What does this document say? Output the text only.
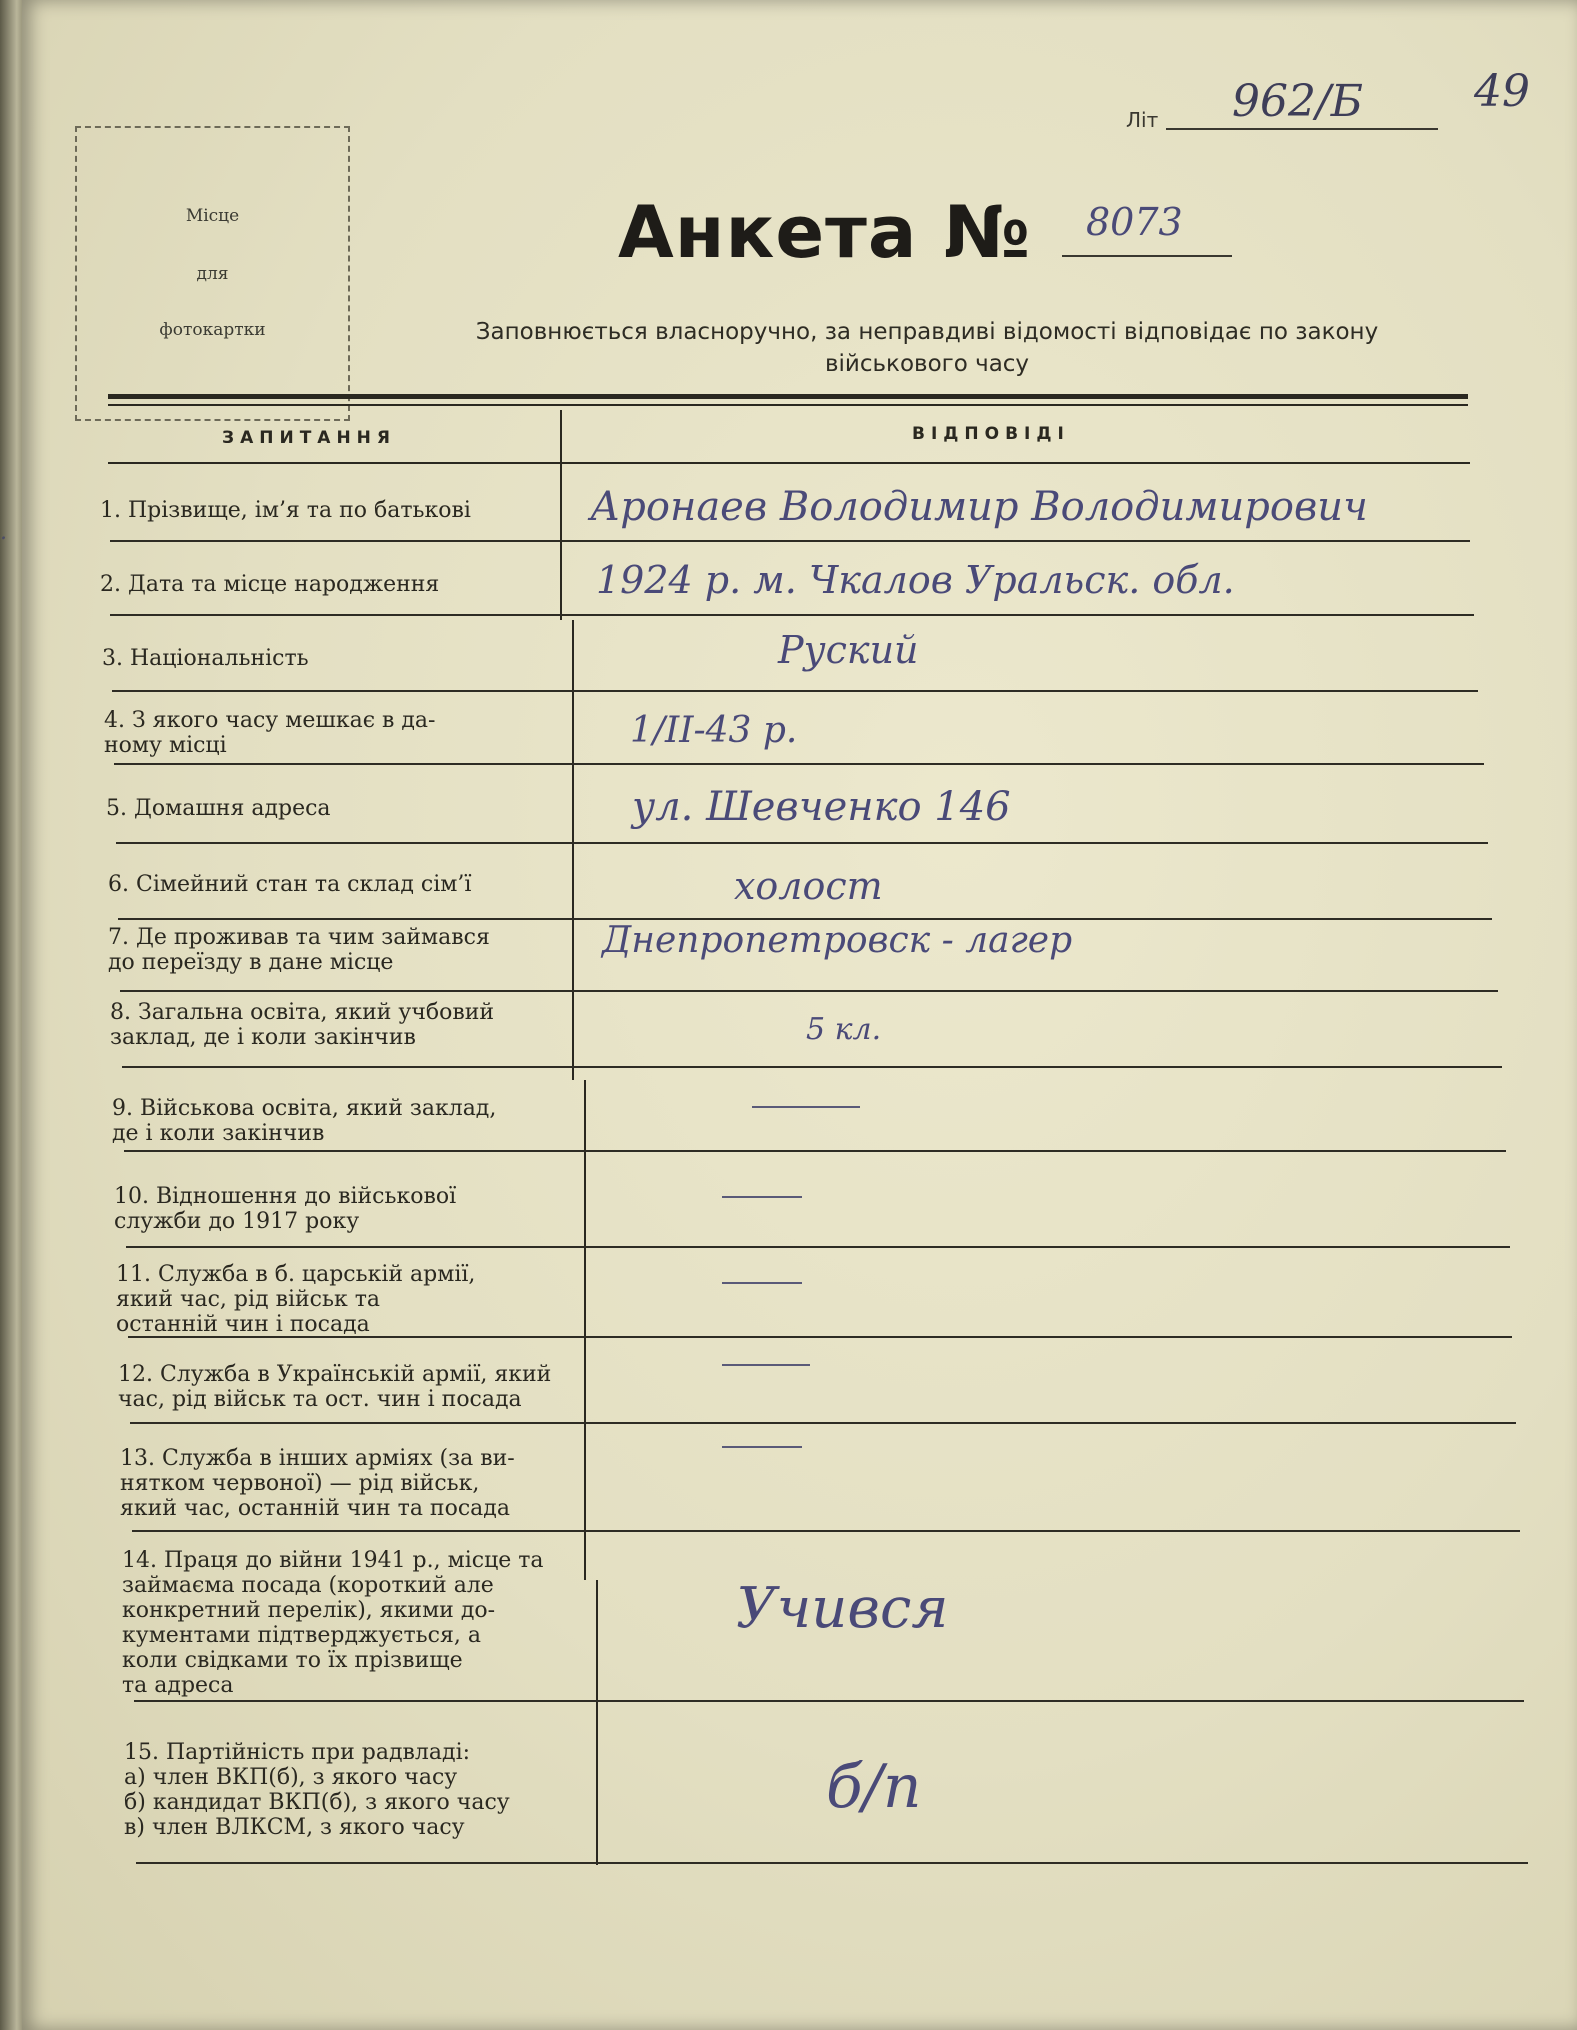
.
Місце
для
фотокартки
Літ 962/Б	49
Анкета № 8073
Заповнюється власноручно, за неправдиві відомості відповідає по закону
військового часу
ЗАПИТАННЯ	ВІДПОВІДІ
1. Прізвище, ім’я та по батькові
2. Дата та місце народження
3. Національність
4. З якого часу мешкає в да-
ному місці
5. Домашня адреса
6. Сімейний стан та склад сім’ї
7. Де проживав та чим займався
до переїзду в дане місце
8. Загальна освіта, який учбовий
заклад, де і коли закінчив
9. Військова освіта, який заклад,
де і коли закінчив
10. Відношення до військової
служби до 1917 року
11. Служба в б. царській армії,
який час, рід військ та
останній чин і посада
12. Служба в Українській армії, який
час, рід військ та ост. чин і посада
13. Служба в інших арміях (за ви-
нятком червоної) — рід військ,
який час, останній чин та посада
14. Праця до війни 1941 р., місце та
займаєма посада (короткий але
конкретний перелік), якими до-
кументами підтверджується, а
коли свідками то їх прізвище
та адреса
15. Партійність при радвладі:
а) член ВКП(б), з якого часу
б) кандидат ВКП(б), з якого часу
в) член ВЛКСМ, з якого часу
Аронаев Володимир Володимирович
1924 р. м. Чкалов Уральск. обл.
Руский
1/II-43 р.
ул. Шевченко 146
холост
Днепропетровск - лагер
5 кл.
Учився
б/п
